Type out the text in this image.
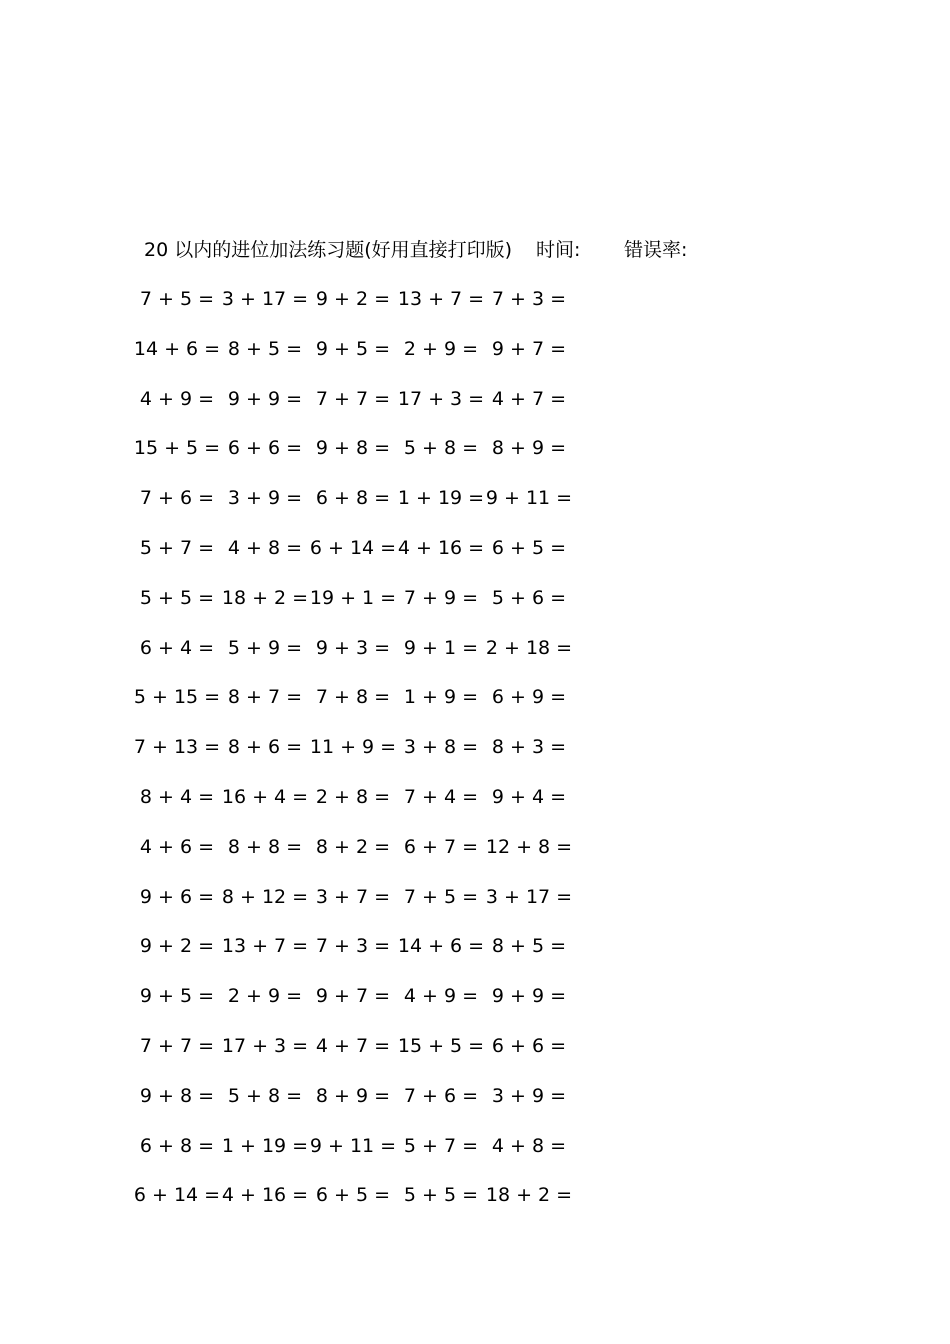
20 以内的进位加法练习题(好用直接打印版) 时间: 错误率:
7 + 5 = 3 + 17 = 9 + 2 = 13 + 7 = 7 + 3 =
14 + 6 = 8 + 5 = 9 + 5 = 2 + 9 = 9 + 7 =
4 + 9 = 9 + 9 = 7 + 7 = 17 + 3 = 4 + 7 =
15 + 5 = 6 + 6 = 9 + 8 = 5 + 8 = 8 + 9 =
7 + 6 = 3 + 9 = 6 + 8 = 1 + 19 = 9 + 11 =
5 + 7 = 4 + 8 = 6 + 14 = 4 + 16 = 6 + 5 =
5 + 5 = 18 + 2 = 19 + 1 = 7 + 9 = 5 + 6 =
6 + 4 = 5 + 9 = 9 + 3 = 9 + 1 = 2 + 18 =
5 + 15 = 8 + 7 = 7 + 8 = 1 + 9 = 6 + 9 =
7 + 13 = 8 + 6 = 11 + 9 = 3 + 8 = 8 + 3 =
8 + 4 = 16 + 4 = 2 + 8 = 7 + 4 = 9 + 4 =
4 + 6 = 8 + 8 = 8 + 2 = 6 + 7 = 12 + 8 =
9 + 6 = 8 + 12 = 3 + 7 = 7 + 5 = 3 + 17 =
9 + 2 = 13 + 7 = 7 + 3 = 14 + 6 = 8 + 5 =
9 + 5 = 2 + 9 = 9 + 7 = 4 + 9 = 9 + 9 =
7 + 7 = 17 + 3 = 4 + 7 = 15 + 5 = 6 + 6 =
9 + 8 = 5 + 8 = 8 + 9 = 7 + 6 = 3 + 9 =
6 + 8 = 1 + 19 = 9 + 11 = 5 + 7 = 4 + 8 =
6 + 14 = 4 + 16 = 6 + 5 = 5 + 5 = 18 + 2 =
